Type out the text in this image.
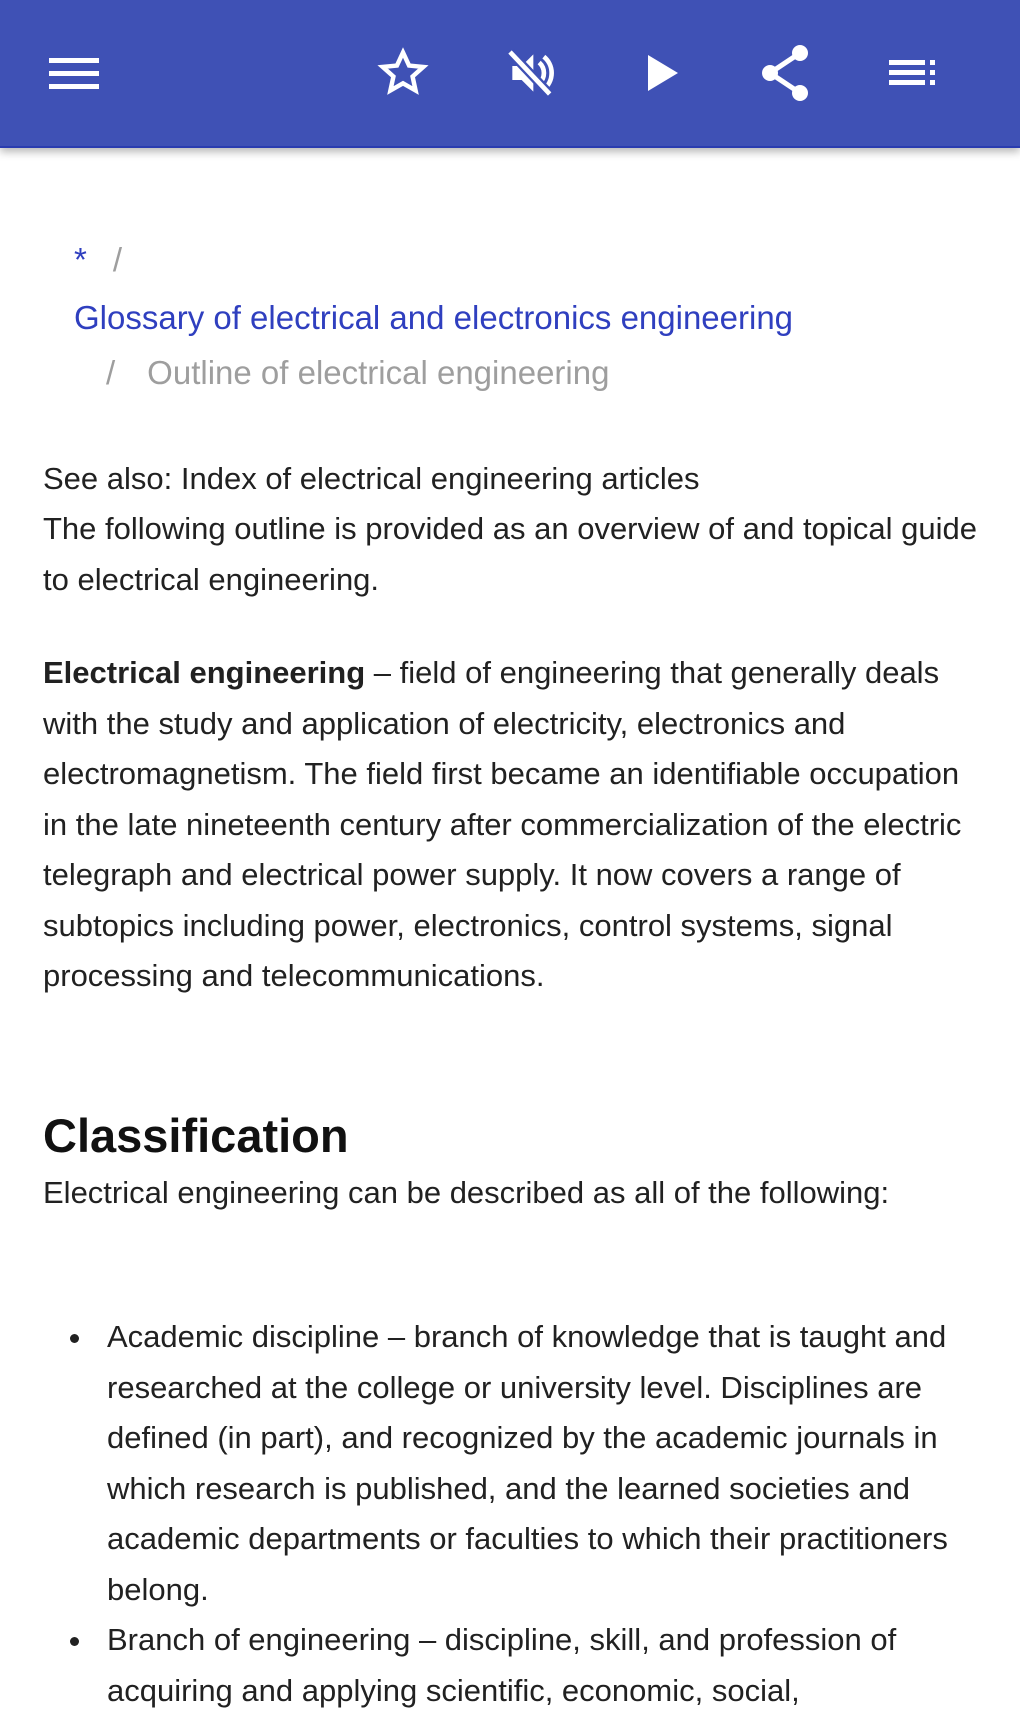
* /
Glossary of electrical and electronics engineering
/ Outline of electrical engineering

See also: Index of electrical engineering articles

The following outline is provided as an overview of and topical guide to electrical engineering.

Electrical engineering – field of engineering that generally deals with the study and application of electricity, electronics and electromagnetism. The field first became an identifiable occupation in the late nineteenth century after commercialization of the electric telegraph and electrical power supply. It now covers a range of subtopics including power, electronics, control systems, signal processing and telecommunications.

Classification

Electrical engineering can be described as all of the following:

Academic discipline – branch of knowledge that is taught and researched at the college or university level. Disciplines are defined (in part), and recognized by the academic journals in which research is published, and the learned societies and academic departments or faculties to which their practitioners belong.
Branch of engineering – discipline, skill, and profession of acquiring and applying scientific, economic, social,
